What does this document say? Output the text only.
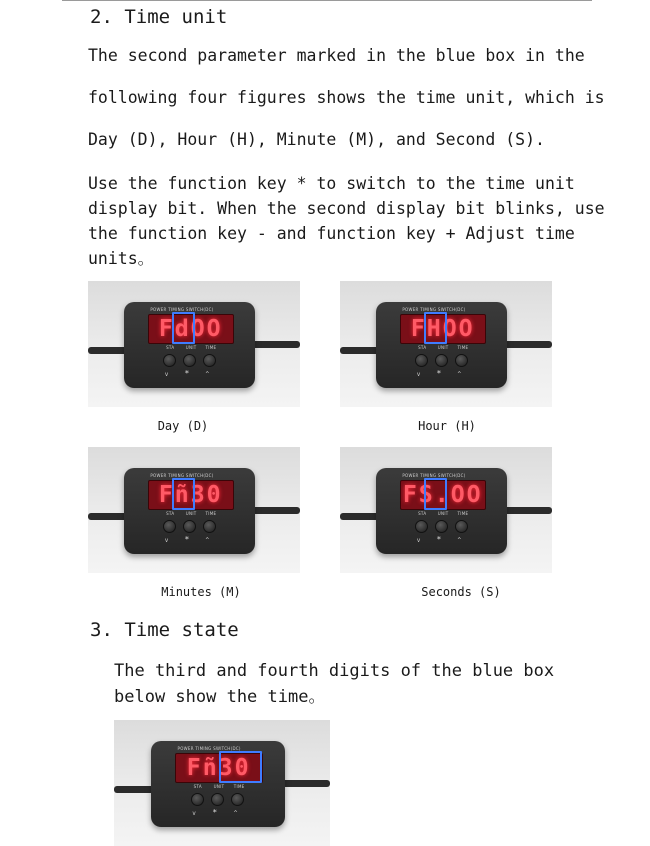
2. Time unit
The second parameter marked in the blue box in the
following four figures shows the time unit, which is
Day (D), Hour (H), Minute (M), and Second (S).
Use the function key * to switch to the time unit
display bit. When the second display bit blinks, use
the function key - and function key + Adjust time
units。
POWER TIMING SWITCH(DC)
FdOO
STA	UNIT TIME
v *	^
Day (D)
POWER TIMING SWITCH(DC)
FHOO
STA	UNIT TIME
v *	^
Hour (H)
POWER TIMING SWITCH(DC)
Fñ30
STA	UNIT TIME
v *	^
Minutes (M)
POWER TIMING SWITCH(DC)
FS.OO
STA	UNIT TIME
v *	^
Seconds (S)
3. Time state
The third and fourth digits of the blue box
below show the time。
POWER TIMING SWITCH(DC)
Fñ30
STA	UNIT TIME
v *	^
